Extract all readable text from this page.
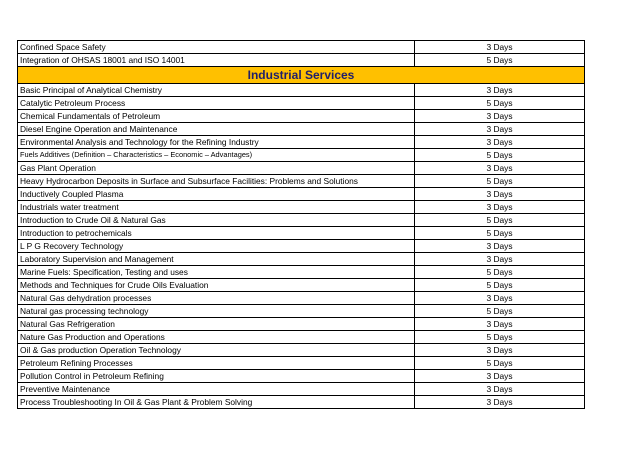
Confined Space Safety	3 Days
Integration of OHSAS 18001 and ISO 14001	5 Days
Industrial Services	
Basic Principal of Analytical Chemistry	3 Days
Catalytic Petroleum Process	5 Days
Chemical Fundamentals of Petroleum	3 Days
Diesel Engine Operation and Maintenance	3 Days
Environmental Analysis and Technology for the Refining Industry	3 Days
Fuels Additives (Definition – Characteristics – Economic – Advantages)	5 Days
Gas Plant Operation	3 Days
Heavy Hydrocarbon Deposits in Surface and Subsurface Facilities: Problems and Solutions	5 Days
Inductively Coupled Plasma	3 Days
Industrials water treatment	3 Days
Introduction to Crude Oil & Natural Gas	5 Days
Introduction to petrochemicals	5 Days
L P G Recovery Technology	3 Days
Laboratory Supervision and Management	3 Days
Marine Fuels: Specification, Testing and uses	5 Days
Methods and Techniques for Crude Oils Evaluation	5 Days
Natural Gas dehydration processes	3 Days
Natural gas processing technology	5 Days
Natural Gas Refrigeration	3 Days
Nature Gas Production and Operations	5 Days
Oil & Gas production Operation Technology	3 Days
Petroleum Refining Processes	5 Days
Pollution Control in Petroleum Refining	3 Days
Preventive Maintenance	3 Days
Process Troubleshooting In Oil & Gas Plant & Problem Solving	3 Days
